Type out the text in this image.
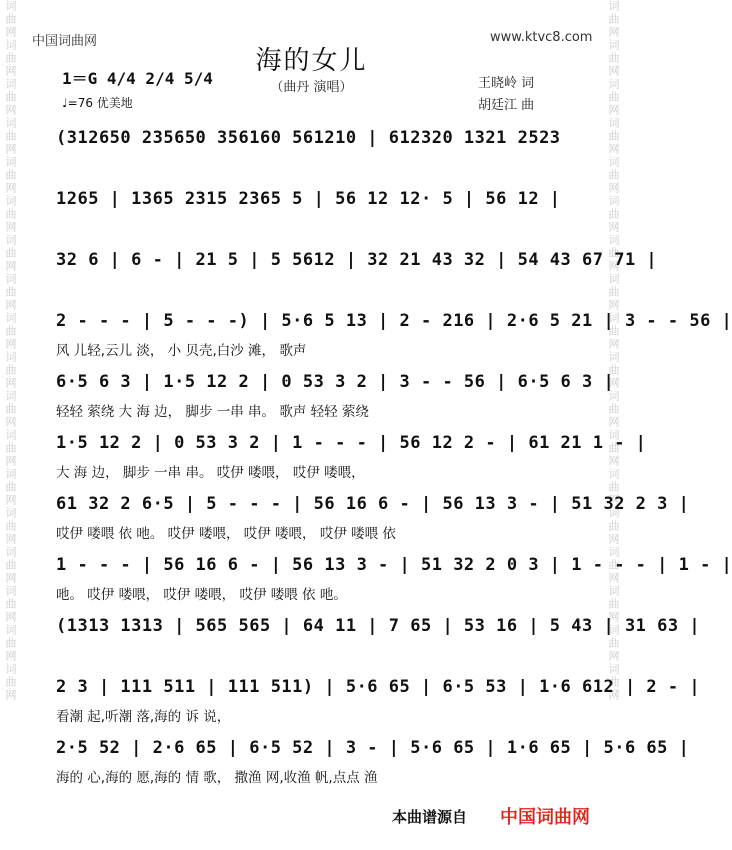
词曲网词曲网词曲网词曲网词曲网词曲网词曲网词曲网词曲网词曲网词曲网词曲网词曲网词曲网词曲网词曲网词曲网词曲网	词曲网词曲网词曲网词曲网词曲网词曲网词曲网词曲网词曲网词曲网词曲网词曲网词曲网词曲网词曲网词曲网词曲网词曲网
中国词曲网	www.ktvc8.com
海的女儿
（曲丹 演唱）
1＝G 4/4 2/4 5/4
♩=76 优美地
王晓岭 词
胡廷江 曲
(312650 235650 356160 561210 | 612320 1321 2523
1265 | 1365 2315 2365 5 | 56 12 12· 5 | 56 12 |
32 6 | 6 - | 21 5 | 5 5612 | 32 21 43 32 | 54 43 67 71 |
2 - - - | 5 - - -) | 5·6 5 13 | 2 - 216 | 2·6 5 21 | 3 - - 56 |
风 儿轻,云儿 淡， 小 贝壳,白沙 滩， 歌声
6·5 6 3 | 1·5 12 2 | 0 53 3 2 | 3 - - 56 | 6·5 6 3 |
轻轻 萦绕 大 海 边， 脚步 一串 串。 歌声 轻轻 萦绕
1·5 12 2 | 0 53 3 2 | 1 - - - | 56 12 2 - | 61 21 1 - |
大 海 边， 脚步 一串 串。 哎伊 喽喂， 哎伊 喽喂，
61 32 2 6·5 | 5 - - - | 56 16 6 - | 56 13 3 - | 51 32 2 3 |
哎伊 喽喂 依 吔。 哎伊 喽喂， 哎伊 喽喂， 哎伊 喽喂 依
1 - - - | 56 16 6 - | 56 13 3 - | 51 32 2 0 3 | 1 - - - | 1 - |
吔。 哎伊 喽喂， 哎伊 喽喂， 哎伊 喽喂 依 吔。
(1313 1313 | 565 565 | 64 11 | 7 65 | 53 16 | 5 43 | 31 63 |
2 3 | 111 511 | 111 511) | 5·6 65 | 6·5 53 | 1·6 612 | 2 - |
看潮 起,听潮 落,海的 诉 说，
2·5 52 | 2·6 65 | 6·5 52 | 3 - | 5·6 65 | 1·6 65 | 5·6 65 |
海的 心,海的 愿,海的 情 歌， 撒渔 网,收渔 帆,点点 渔
本曲谱源自 中国词曲网
